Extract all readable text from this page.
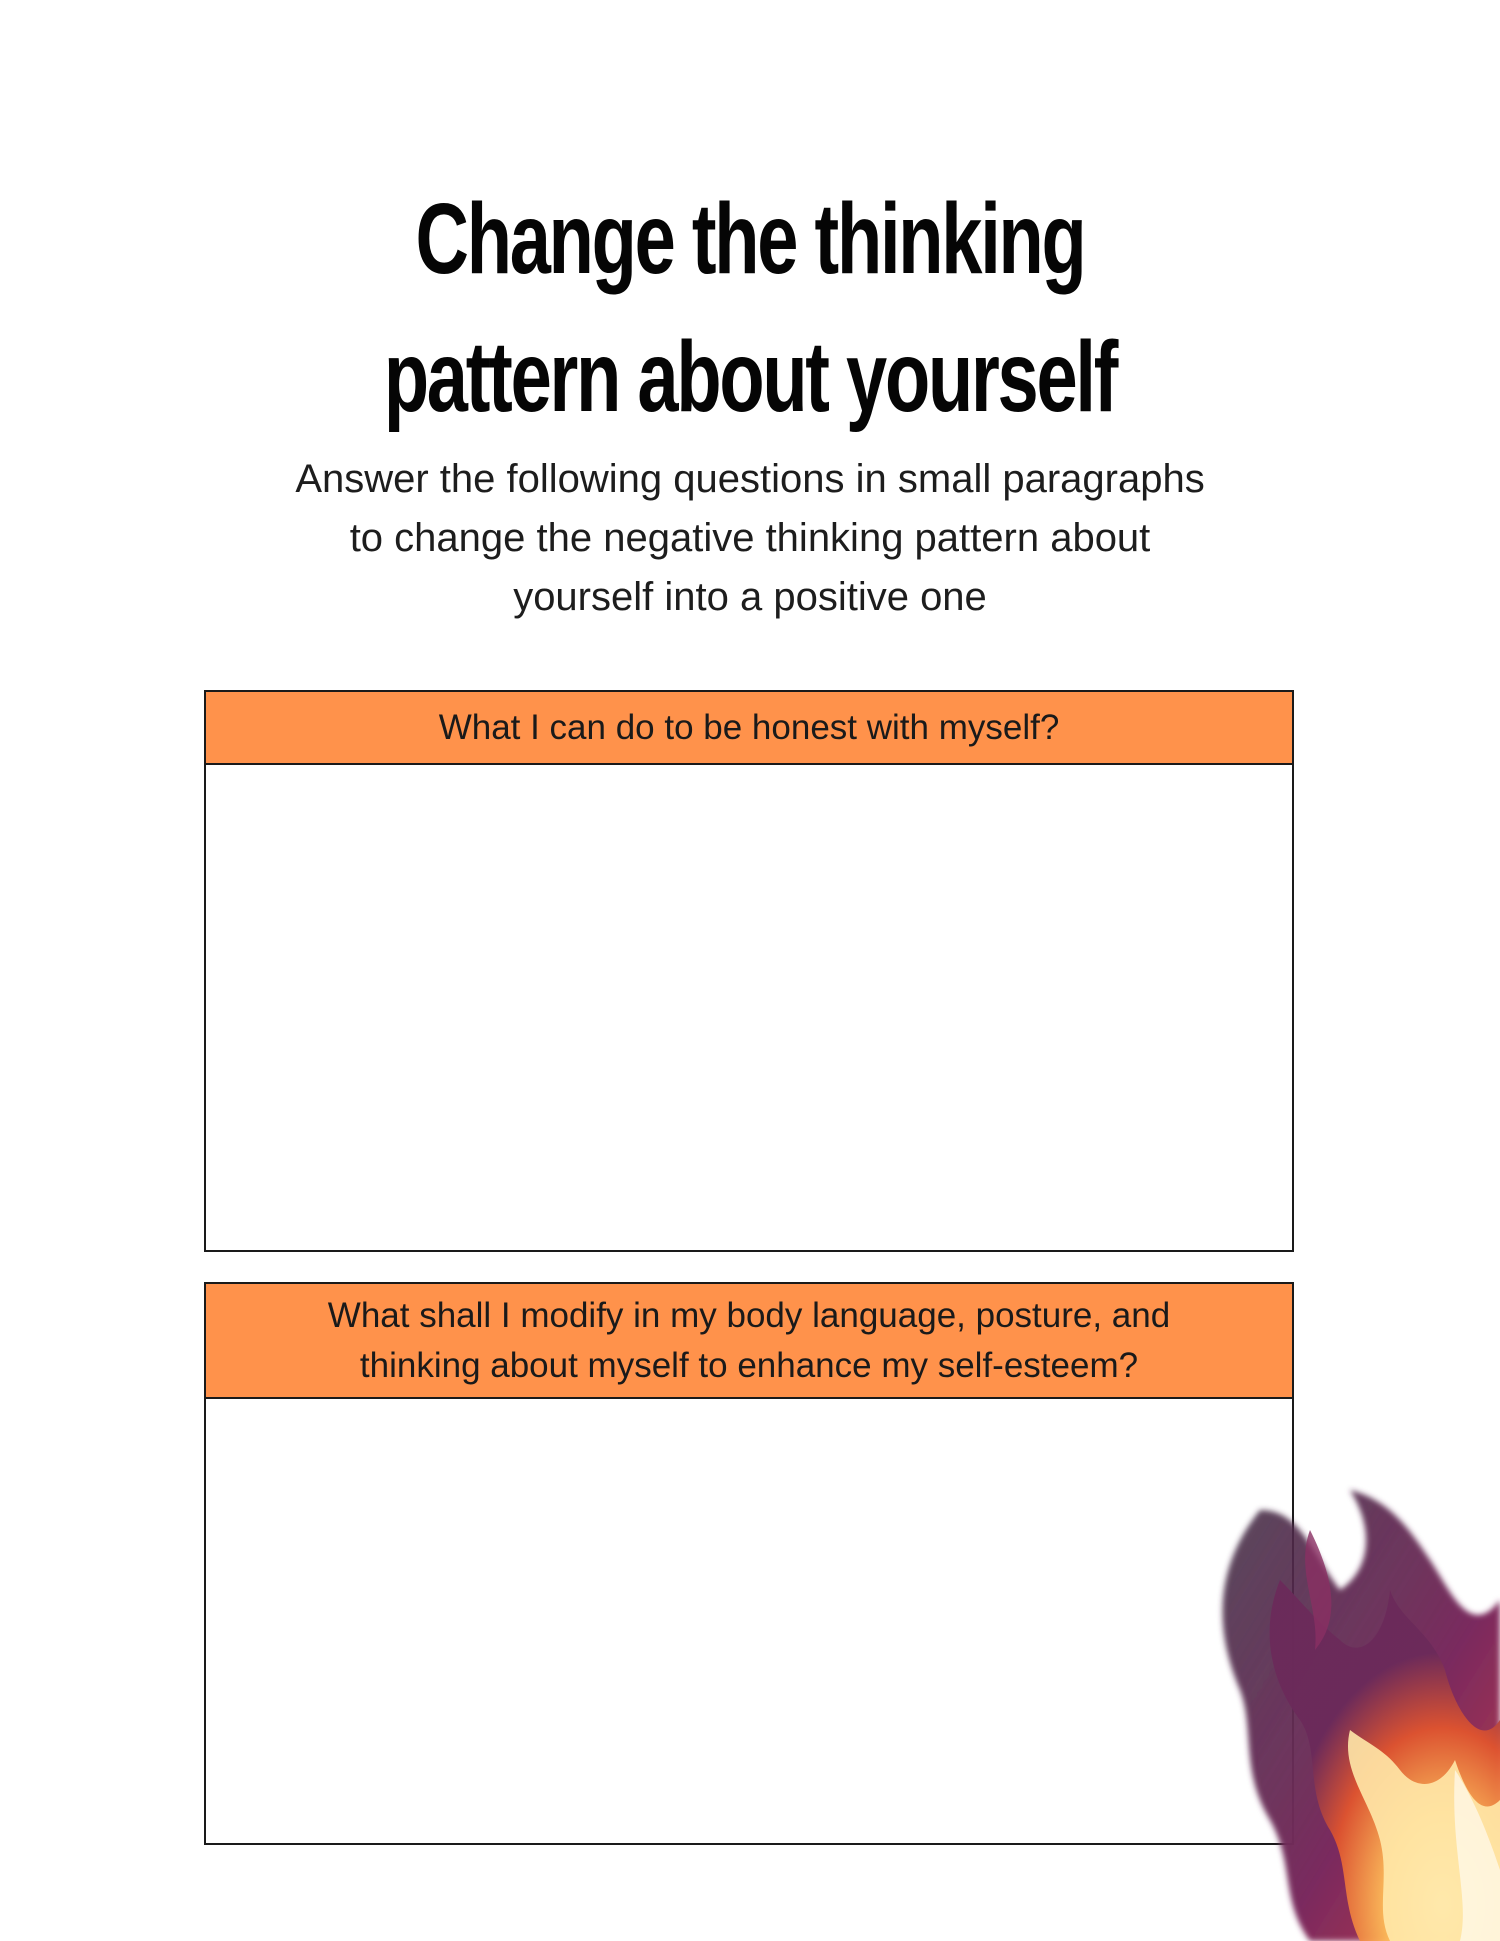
Change the thinking
pattern about yourself

Answer the following questions in small paragraphs
to change the negative thinking pattern about
yourself into a positive one

What I can do to be honest with myself?
What shall I modify in my body language, posture, and
thinking about myself to enhance my self-esteem?
